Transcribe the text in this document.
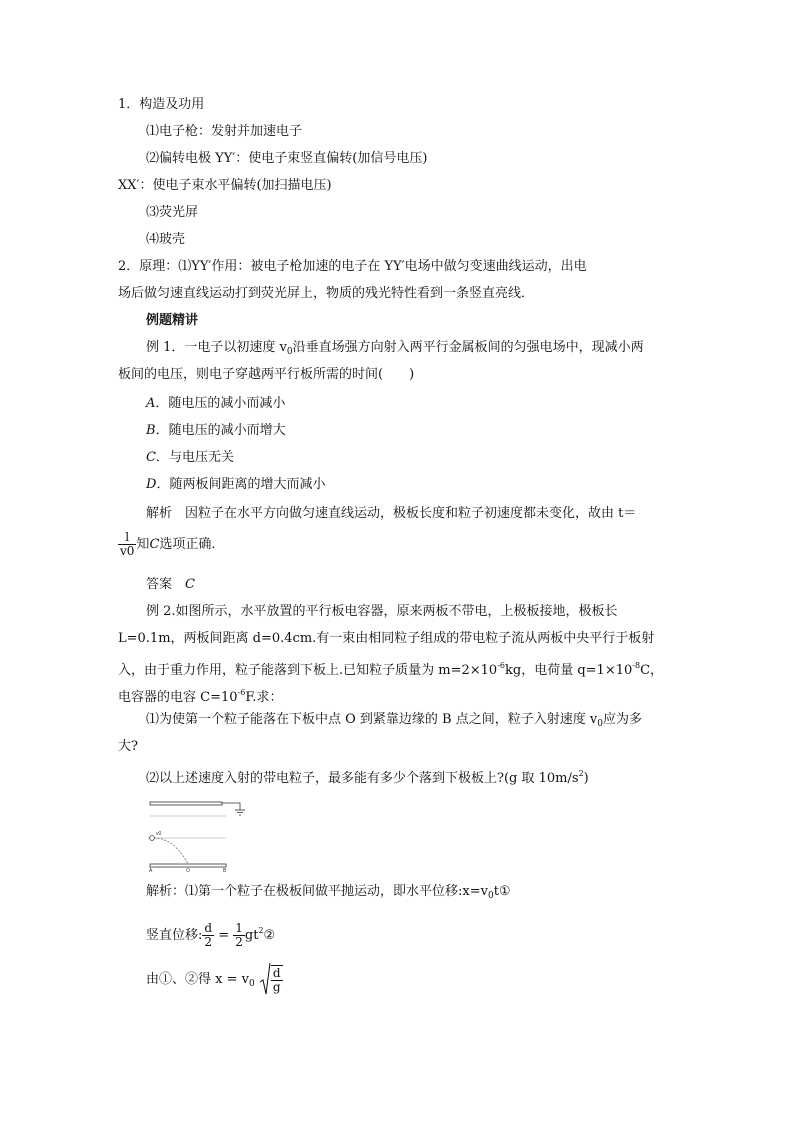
1．构造及功用
⑴电子枪：发射并加速电子
⑵偏转电极 YY′：使电子束竖直偏转(加信号电压)
XX′：使电子束水平偏转(加扫描电压)
⑶荧光屏
⑷玻壳
2．原理：⑴YY′作用：被电子枪加速的电子在 YY′电场中做匀变速曲线运动，出电
场后做匀速直线运动打到荧光屏上，物质的残光特性看到一条竖直亮线．
例题精讲
例 1．一电子以初速度 $v_0$沿垂直场强方向射入两平行金属板间的匀强电场中，现减小两
板间的电压，则电子穿越两平行板所需的时间(　　)
A．随电压的减小而减小
B．随电压的减小而增大
C．与电压无关
D．随两板间距离的增大而减小
解析　因粒子在水平方向做匀速直线运动，极板长度和粒子初速度都未变化，故由 t＝
$\frac{l}{v0}$ 知C选项正确．
答案　C
例 2.如图所示，水平放置的平行板电容器，原来两板不带电，上极板接地，极板长
L=0.1m，两板间距离 d=0.4cm.有一束由相同粒子组成的带电粒子流从两板中央平行于板射
入，由于重力作用，粒子能落到下板上.已知粒子质量为 $m=2\times 10^{-6}kg$，电荷量 $q=1\times 10^{-8}C$，
电容器的电容 $C=10^{-6}F$.求：
⑴为使第一个粒子能落在下板中点 O 到紧靠边缘的 B 点之间，粒子入射速度 $v_0$应为多
大?
⑵以上述速度入射的带电粒子，最多能有多少个落到下极板上?(g 取 $10m/s^2$)
v0
A	O	B
解析：⑴第一个粒子在极板间做平抛运动，即水平位移$:x=v_0t①$
竖直位移: $\frac{d}{2} = \frac{1}{2}$ $gt^2②$
由①、②得 $x = v_0 \frac{d}{g}$
